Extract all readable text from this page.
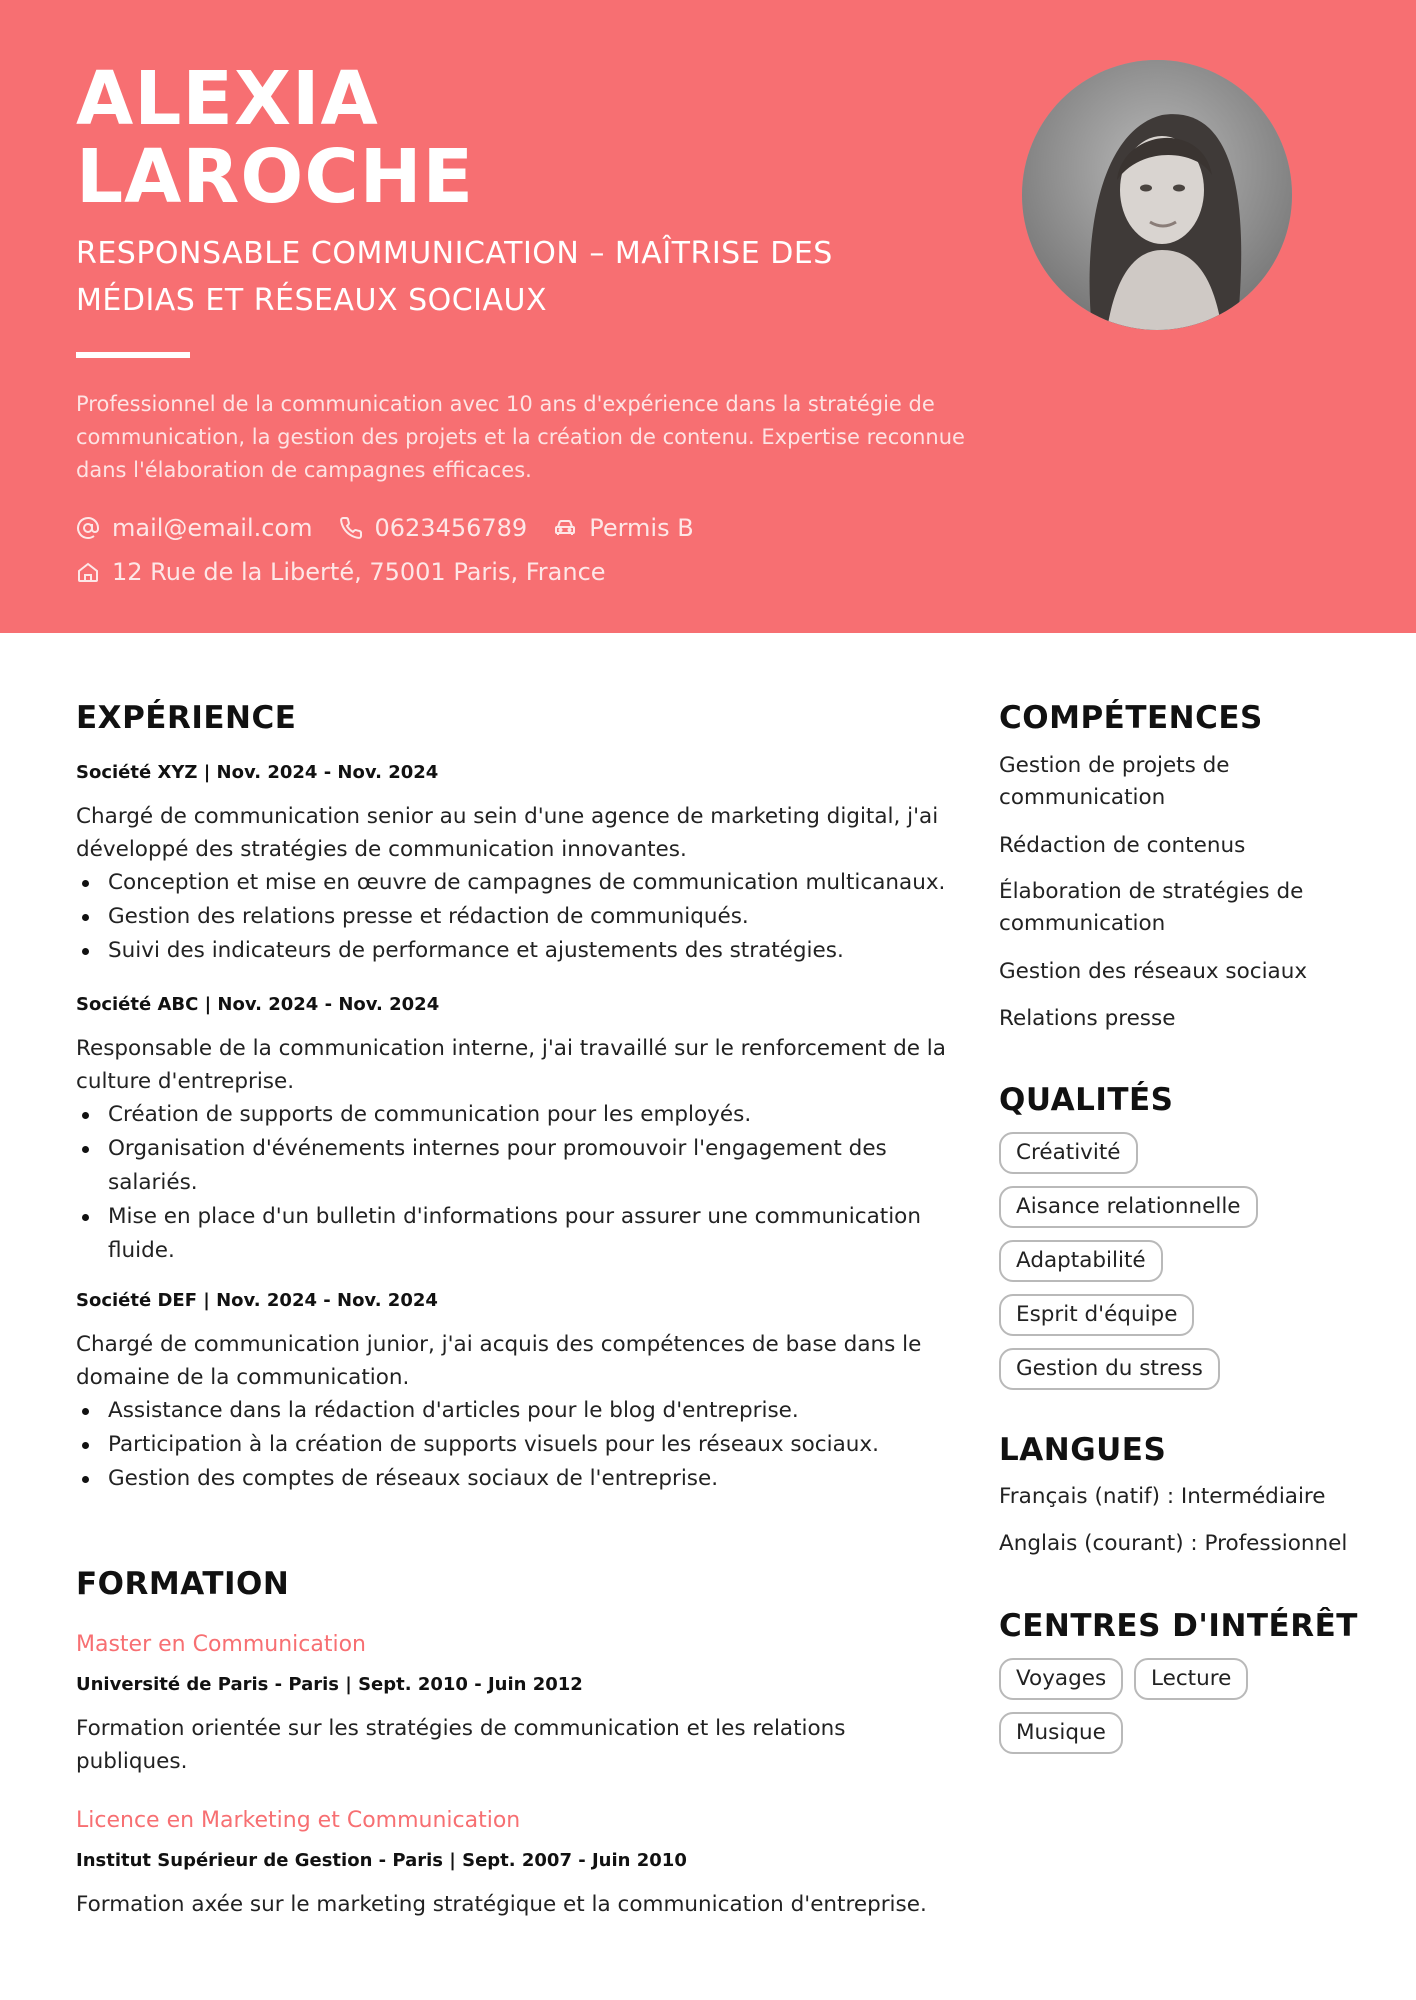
ALEXIA
LAROCHE

RESPONSABLE COMMUNICATION – MAÎTRISE DES MÉDIAS ET RÉSEAUX SOCIAUX

Professionnel de la communication avec 10 ans d'expérience dans la stratégie de communication, la gestion des projets et la création de contenu. Expertise reconnue dans l'élaboration de campagnes efficaces.

mail@email.com	0623456789	Permis B
12 Rue de la Liberté, 75001 Paris, France
EXPÉRIENCE
Société XYZ | Nov. 2024 - Nov. 2024

Chargé de communication senior au sein d'une agence de marketing digital, j'ai développé des stratégies de communication innovantes.

Conception et mise en œuvre de campagnes de communication multicanaux.
Gestion des relations presse et rédaction de communiqués.
Suivi des indicateurs de performance et ajustements des stratégies.
Société ABC | Nov. 2024 - Nov. 2024

Responsable de la communication interne, j'ai travaillé sur le renforcement de la culture d'entreprise.

Création de supports de communication pour les employés.
Organisation d'événements internes pour promouvoir l'engagement des salariés.
Mise en place d'un bulletin d'informations pour assurer une communication fluide.
Société DEF | Nov. 2024 - Nov. 2024

Chargé de communication junior, j'ai acquis des compétences de base dans le domaine de la communication.

Assistance dans la rédaction d'articles pour le blog d'entreprise.
Participation à la création de supports visuels pour les réseaux sociaux.
Gestion des comptes de réseaux sociaux de l'entreprise.
FORMATION
Master en Communication
Université de Paris - Paris | Sept. 2010 - Juin 2012

Formation orientée sur les stratégies de communication et les relations publiques.

Licence en Marketing et Communication
Institut Supérieur de Gestion - Paris | Sept. 2007 - Juin 2010

Formation axée sur le marketing stratégique et la communication d'entreprise.

COMPÉTENCES
Gestion de projets de communication
Rédaction de contenus
Élaboration de stratégies de communication
Gestion des réseaux sociaux
Relations presse
QUALITÉS
Créativité
Aisance relationnelle
Adaptabilité
Esprit d'équipe
Gestion du stress
LANGUES
Français (natif) : Intermédiaire
Anglais (courant) : Professionnel
CENTRES D'INTÉRÊT
Voyages	Lecture
Musique
